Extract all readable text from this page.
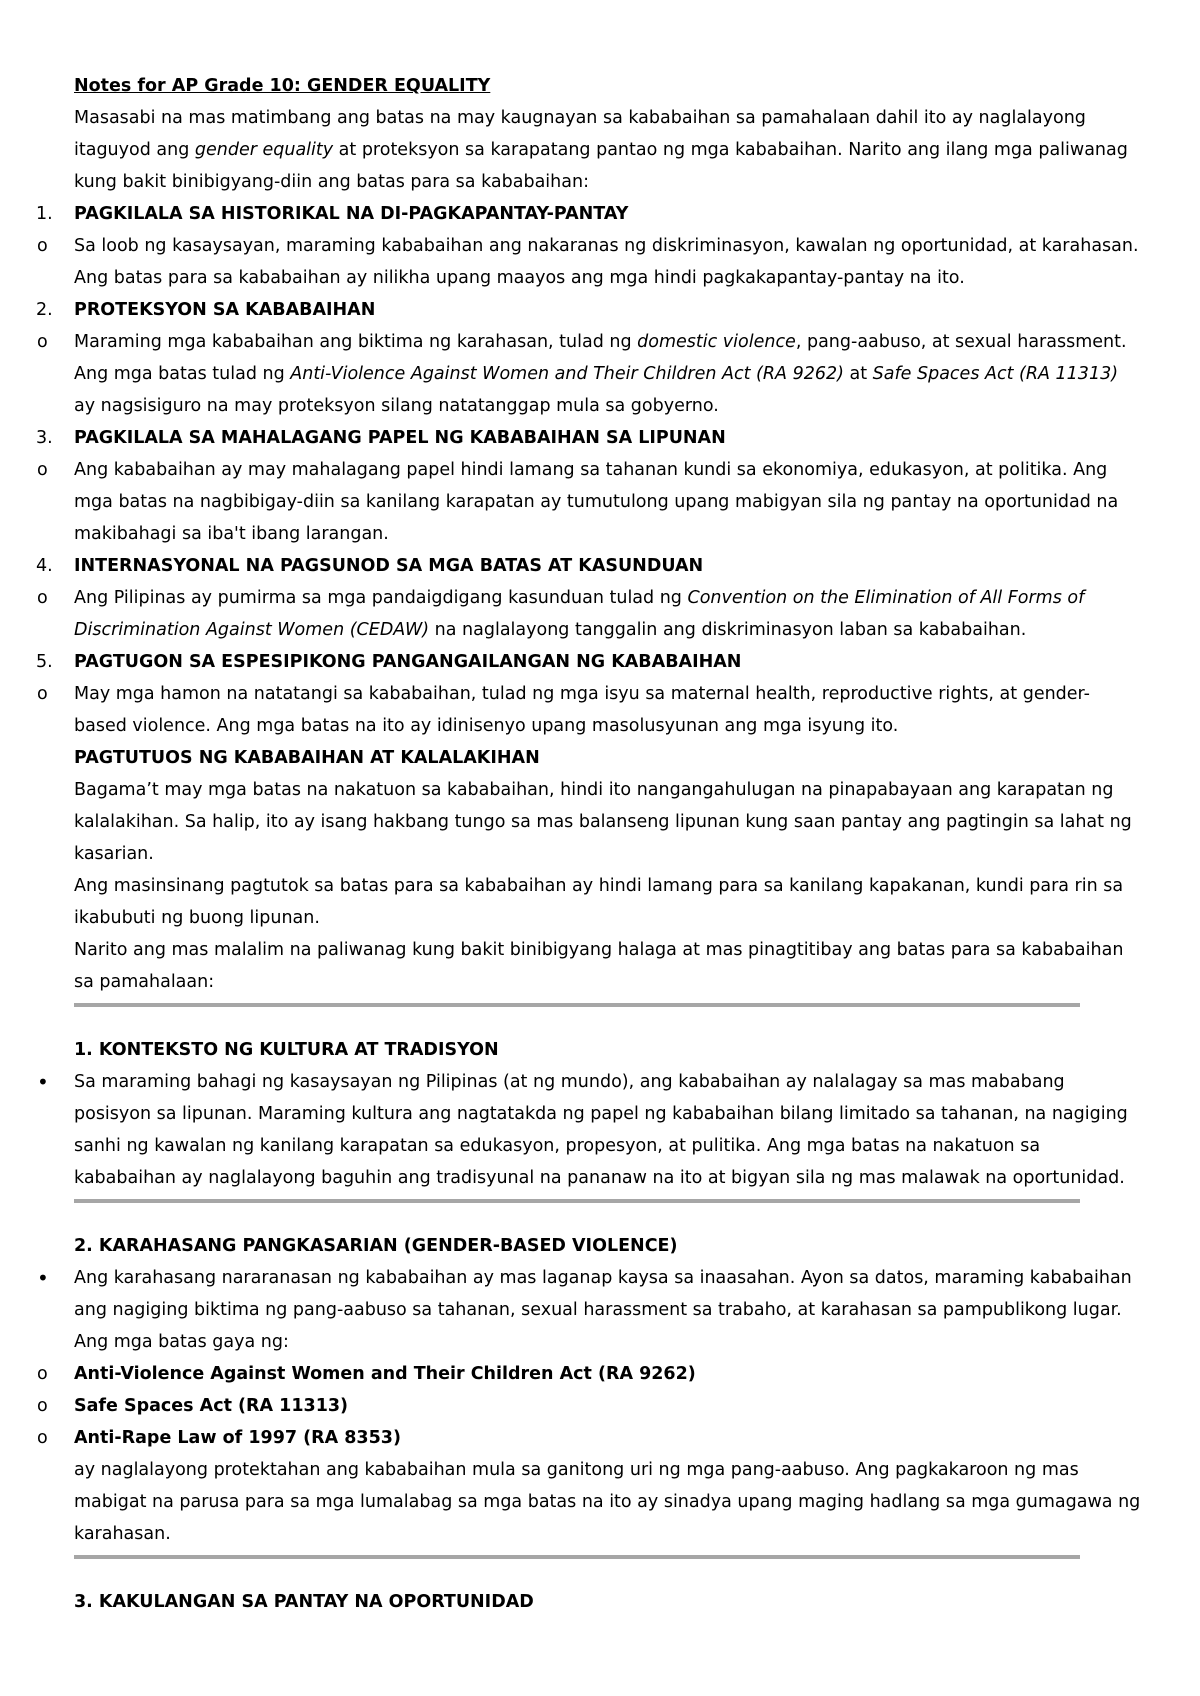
Notes for AP Grade 10: GENDER EQUALITY

Masasabi na mas matimbang ang batas na may kaugnayan sa kababaihan sa pamahalaan dahil ito ay naglalayong

itaguyod ang gender equality at proteksyon sa karapatang pantao ng mga kababaihan. Narito ang ilang mga paliwanag

kung bakit binibigyang-diin ang batas para sa kababaihan:

1.	PAGKILALA SA HISTORIKAL NA DI-PAGKAPANTAY-PANTAY

o	Sa loob ng kasaysayan, maraming kababaihan ang nakaranas ng diskriminasyon, kawalan ng oportunidad, at karahasan.

Ang batas para sa kababaihan ay nilikha upang maayos ang mga hindi pagkakapantay-pantay na ito.

2.	PROTEKSYON SA KABABAIHAN

o	Maraming mga kababaihan ang biktima ng karahasan, tulad ng domestic violence, pang-aabuso, at sexual harassment.

Ang mga batas tulad ng Anti-Violence Against Women and Their Children Act (RA 9262) at Safe Spaces Act (RA 11313)

ay nagsisiguro na may proteksyon silang natatanggap mula sa gobyerno.

3.	PAGKILALA SA MAHALAGANG PAPEL NG KABABAIHAN SA LIPUNAN

o	Ang kababaihan ay may mahalagang papel hindi lamang sa tahanan kundi sa ekonomiya, edukasyon, at politika. Ang

mga batas na nagbibigay-diin sa kanilang karapatan ay tumutulong upang mabigyan sila ng pantay na oportunidad na

makibahagi sa iba't ibang larangan.

4.	INTERNASYONAL NA PAGSUNOD SA MGA BATAS AT KASUNDUAN

o	Ang Pilipinas ay pumirma sa mga pandaigdigang kasunduan tulad ng Convention on the Elimination of All Forms of

Discrimination Against Women (CEDAW) na naglalayong tanggalin ang diskriminasyon laban sa kababaihan.

5.	PAGTUGON SA ESPESIPIKONG PANGANGAILANGAN NG KABABAIHAN

o	May mga hamon na natatangi sa kababaihan, tulad ng mga isyu sa maternal health, reproductive rights, at gender-

based violence. Ang mga batas na ito ay idinisenyo upang masolusyunan ang mga isyung ito.

PAGTUTUOS NG KABABAIHAN AT KALALAKIHAN

Bagama’t may mga batas na nakatuon sa kababaihan, hindi ito nangangahulugan na pinapabayaan ang karapatan ng

kalalakihan. Sa halip, ito ay isang hakbang tungo sa mas balanseng lipunan kung saan pantay ang pagtingin sa lahat ng

kasarian.

Ang masinsinang pagtutok sa batas para sa kababaihan ay hindi lamang para sa kanilang kapakanan, kundi para rin sa

ikabubuti ng buong lipunan.

Narito ang mas malalim na paliwanag kung bakit binibigyang halaga at mas pinagtitibay ang batas para sa kababaihan

sa pamahalaan:

1. KONTEKSTO NG KULTURA AT TRADISYON

•	Sa maraming bahagi ng kasaysayan ng Pilipinas (at ng mundo), ang kababaihan ay nalalagay sa mas mababang

posisyon sa lipunan. Maraming kultura ang nagtatakda ng papel ng kababaihan bilang limitado sa tahanan, na nagiging

sanhi ng kawalan ng kanilang karapatan sa edukasyon, propesyon, at pulitika. Ang mga batas na nakatuon sa

kababaihan ay naglalayong baguhin ang tradisyunal na pananaw na ito at bigyan sila ng mas malawak na oportunidad.

2. KARAHASANG PANGKASARIAN (GENDER-BASED VIOLENCE)

•	Ang karahasang nararanasan ng kababaihan ay mas laganap kaysa sa inaasahan. Ayon sa datos, maraming kababaihan

ang nagiging biktima ng pang-aabuso sa tahanan, sexual harassment sa trabaho, at karahasan sa pampublikong lugar.

Ang mga batas gaya ng:

o	Anti-Violence Against Women and Their Children Act (RA 9262)

o	Safe Spaces Act (RA 11313)

o	Anti-Rape Law of 1997 (RA 8353)

ay naglalayong protektahan ang kababaihan mula sa ganitong uri ng mga pang-aabuso. Ang pagkakaroon ng mas

mabigat na parusa para sa mga lumalabag sa mga batas na ito ay sinadya upang maging hadlang sa mga gumagawa ng

karahasan.

3. KAKULANGAN SA PANTAY NA OPORTUNIDAD
